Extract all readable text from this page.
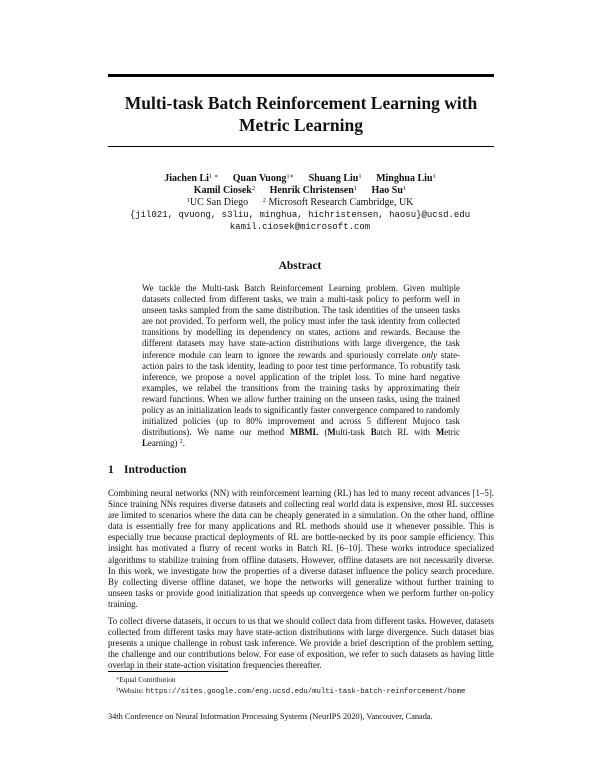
Multi-task Batch Reinforcement Learning with
Metric Learning
Jiachen $Li^{1 ∗}$ Quan Vuong$^{1∗}$ Shuang Liu$^1$ Minghua Liu$^1$
Kamil Ciosek$^2$ Henrik Christensen$^1$ Hao Su$^1$
$^1$UC San Diego $^2$ Microsoft Research Cambridge, UK
{jil021, qvuong, s3liu, minghua, hichristensen, haosu}@ucsd.edu
kamil.ciosek@microsoft.com
Abstract
We tackle the Multi-task Batch Reinforcement Learning problem. Given multiple datasets collected from different tasks, we train a multi-task policy to perform well in unseen tasks sampled from the same distribution. The task identities of the unseen tasks are not provided. To perform well, the policy must infer the task identity from collected transitions by modelling its dependency on states, actions and rewards. Because the different datasets may have state-action distributions with large divergence, the task inference module can learn to ignore the rewards and spuriously correlate only state-action pairs to the task identity, leading to poor test time performance. To robustify task inference, we propose a novel application of the triplet loss. To mine hard negative examples, we relabel the transitions from the training tasks by approximating their reward functions. When we allow further training on the unseen tasks, using the trained policy as an initialization leads to significantly faster convergence compared to randomly initialized policies (up to 80% improvement and across 5 different Mujoco task distributions). We name our method MBML (Multi-task Batch RL with Metric Learning) $^2$.
1 Introduction
Combining neural networks (NN) with reinforcement learning (RL) has led to many recent advances [1–5]. Since training NNs requires diverse datasets and collecting real world data is expensive, most RL successes are limited to scenarios where the data can be cheaply generated in a simulation. On the other hand, offline data is essentially free for many applications and RL methods should use it whenever possible. This is especially true because practical deployments of RL are bottle-necked by its poor sample efficiency. This insight has motivated a flurry of recent works in Batch RL [6–10]. These works introduce specialized algorithms to stabilize training from offline datasets. However, offline datasets are not necessarily diverse. In this work, we investigate how the properties of a diverse dataset influence the policy search procedure. By collecting diverse offline dataset, we hope the networks will generalize without further training to unseen tasks or provide good initialization that speeds up convergence when we perform further on-policy training.
To collect diverse datasets, it occurs to us that we should collect data from different tasks. However, datasets collected from different tasks may have state-action distributions with large divergence. Such dataset bias presents a unique challenge in robust task inference. We provide a brief description of the problem setting, the challenge and our contributions below. For ease of exposition, we refer to such datasets as having little overlap in their state-action visitation frequencies thereafter.
∗Equal Contribution
$^2$Website: https://sites.google.com/eng.ucsd.edu/multi-task-batch-reinforcement/home
34th Conference on Neural Information Processing Systems (NeurIPS 2020), Vancouver, Canada.
